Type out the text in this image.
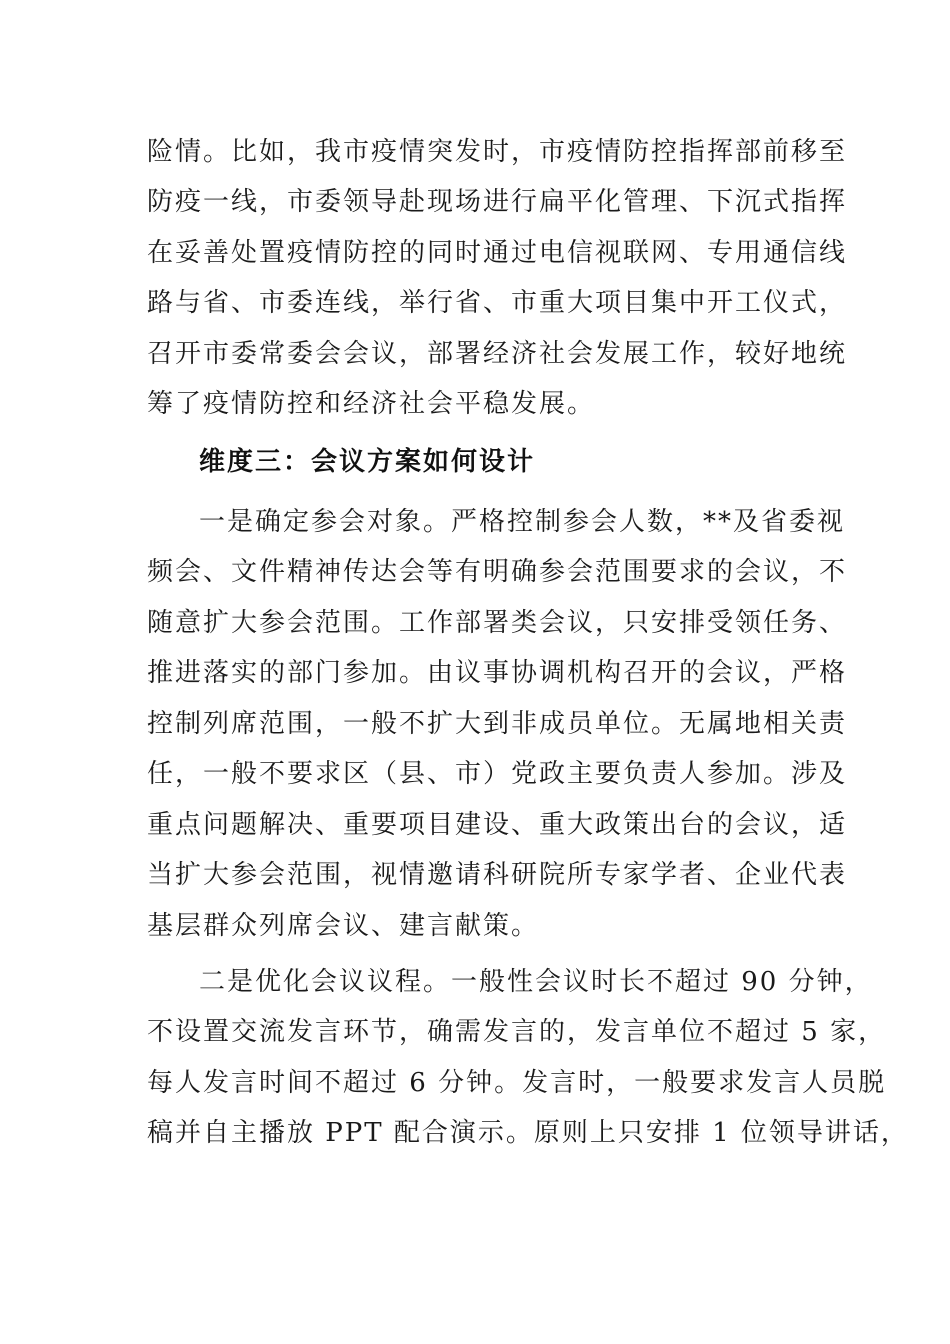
险情。比如，我市疫情突发时，市疫情防控指挥部前移至
防疫一线，市委领导赴现场进行扁平化管理、下沉式指挥
在妥善处置疫情防控的同时通过电信视联网、专用通信线
路与省、市委连线，举行省、市重大项目集中开工仪式，
召开市委常委会会议，部署经济社会发展工作，较好地统
筹了疫情防控和经济社会平稳发展。
维度三：会议方案如何设计
一是确定参会对象。严格控制参会人数，**及省委视
频会、文件精神传达会等有明确参会范围要求的会议，不
随意扩大参会范围。工作部署类会议，只安排受领任务、
推进落实的部门参加。由议事协调机构召开的会议，严格
控制列席范围，一般不扩大到非成员单位。无属地相关责
任，一般不要求区（县、市）党政主要负责人参加。涉及
重点问题解决、重要项目建设、重大政策出台的会议，适
当扩大参会范围，视情邀请科研院所专家学者、企业代表
基层群众列席会议、建言献策。
二是优化会议议程。一般性会议时长不超过 90 分钟，
不设置交流发言环节，确需发言的，发言单位不超过 5 家，
每人发言时间不超过 6 分钟。发言时，一般要求发言人员脱
稿并自主播放 PPT 配合演示。原则上只安排 1 位领导讲话，
